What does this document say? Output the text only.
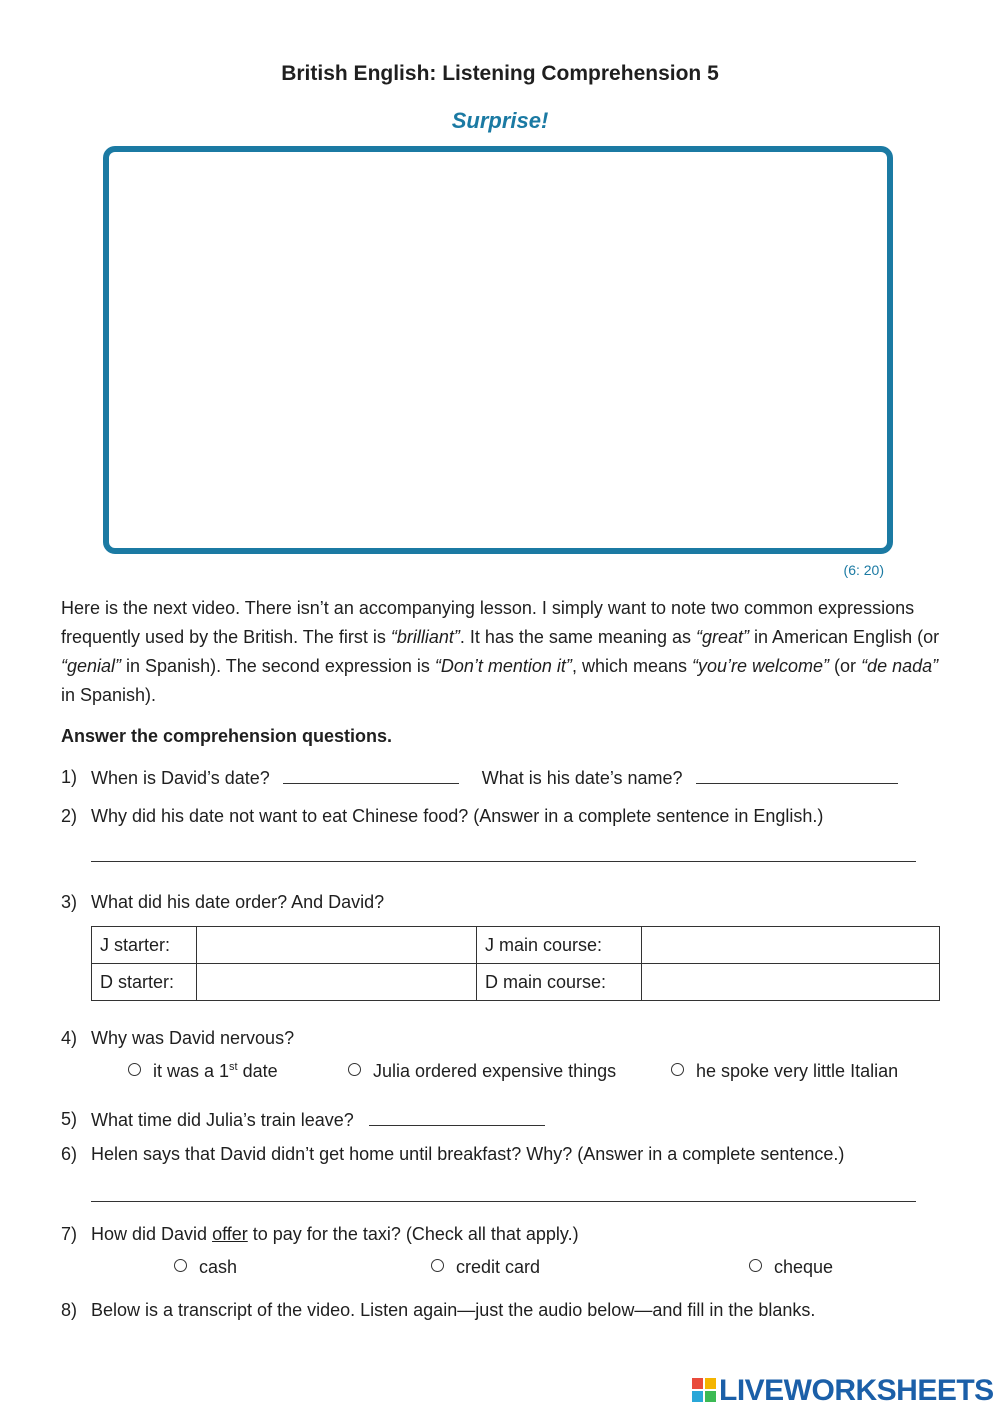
British English: Listening Comprehension 5
Surprise!
(6: 20)
Here is the next video. There isn’t an accompanying lesson. I simply want to note two common expressions frequently used by the British. The first is “brilliant”. It has the same meaning as “great” in American English (or “genial” in Spanish). The second expression is “Don’t mention it”, which means “you’re welcome” (or “de nada” in Spanish).
Answer the comprehension questions.
1) When is David’s date?	What is his date’s name?
2) Why did his date not want to eat Chinese food? (Answer in a complete sentence in English.)
3) What did his date order? And David?
J starter:		J main course:	
D starter:		D main course:	
4) Why was David nervous?
it was a 1st date	Julia ordered expensive things	he spoke very little Italian
5) What time did Julia’s train leave?
6) Helen says that David didn’t get home until breakfast? Why? (Answer in a complete sentence.)
7) How did David offer to pay for the taxi? (Check all that apply.)
cash	credit card	cheque
8) Below is a transcript of the video. Listen again—just the audio below—and fill in the blanks.
LIVEWORKSHEETS
